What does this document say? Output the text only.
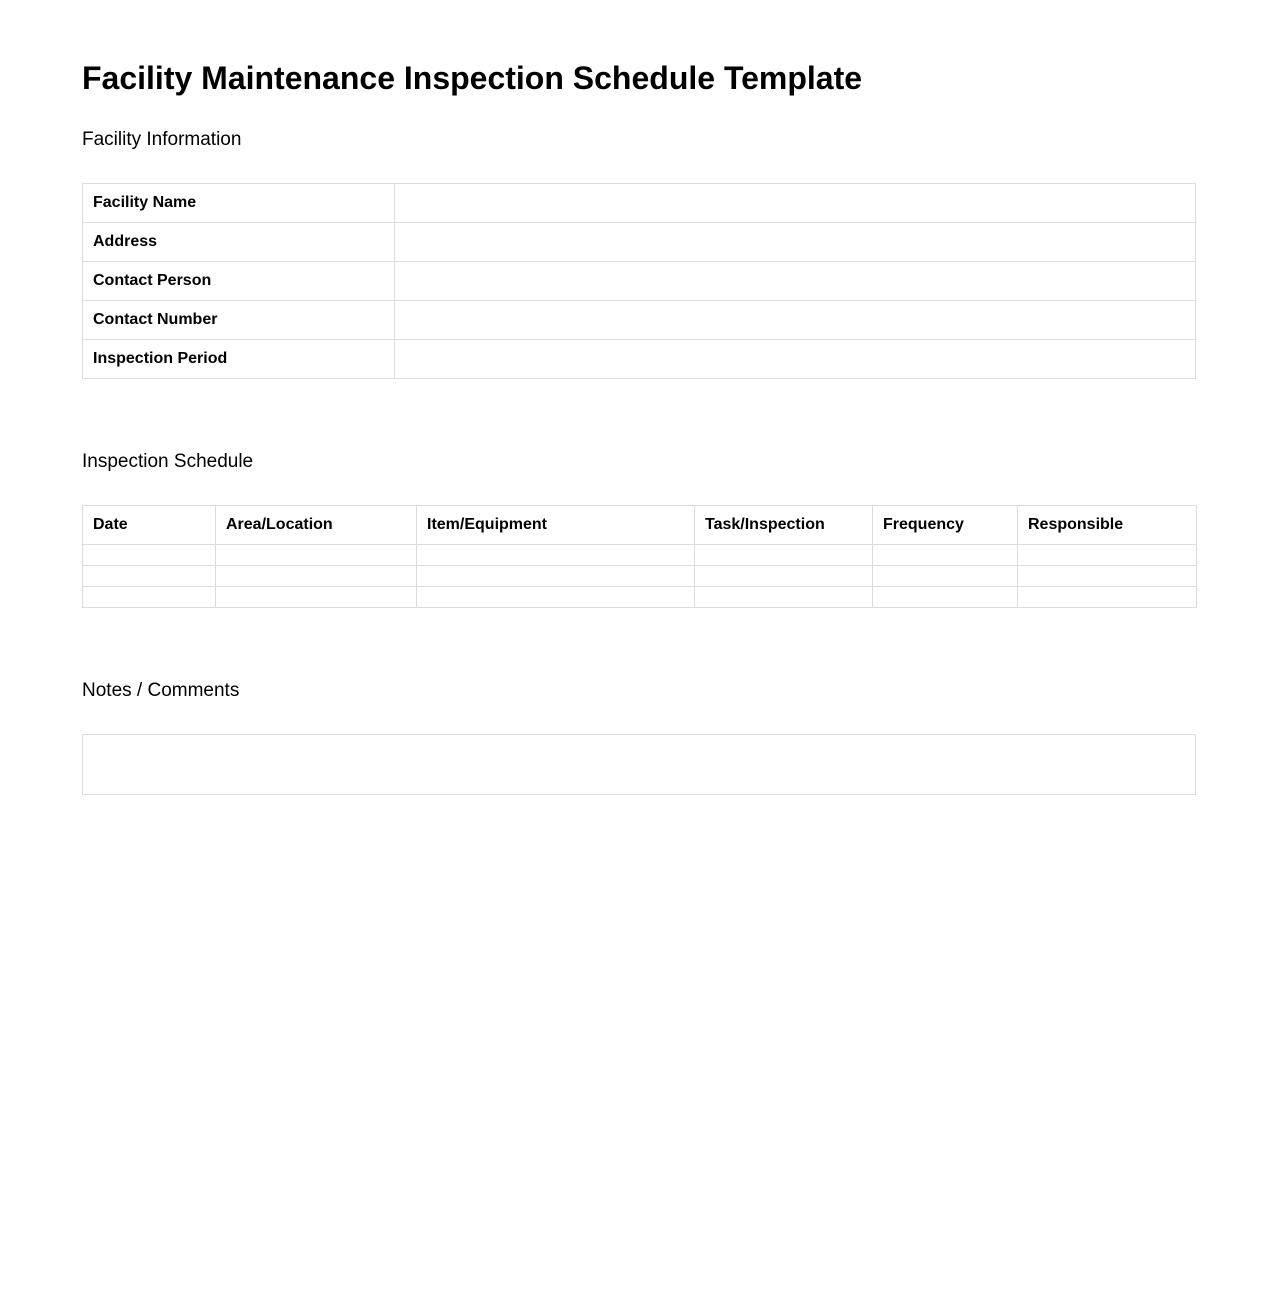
Facility Maintenance Inspection Schedule Template
Facility Information
Facility Name	
Address	
Contact Person	
Contact Number	
Inspection Period	
Inspection Schedule
Date	Area/Location	Item/Equipment	Task/Inspection	Frequency	Responsible

Notes / Comments
